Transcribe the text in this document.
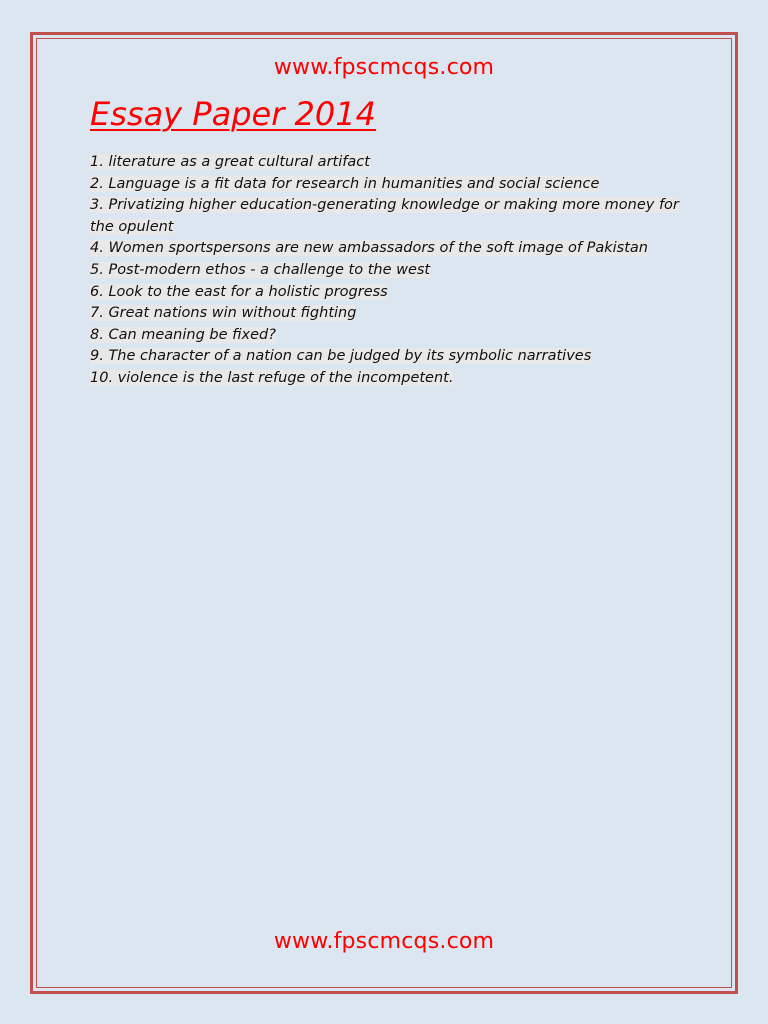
www.fpscmcqs.com
Essay Paper 2014
1. literature as a great cultural artifact
2. Language is a fit data for research in humanities and social science
3. Privatizing higher education-generating knowledge or making more money for the opulent
4. Women sportspersons are new ambassadors of the soft image of Pakistan
5. Post-modern ethos - a challenge to the west
6. Look to the east for a holistic progress
7. Great nations win without fighting
8. Can meaning be fixed?
9. The character of a nation can be judged by its symbolic narratives
10. violence is the last refuge of the incompetent.
www.fpscmcqs.com
